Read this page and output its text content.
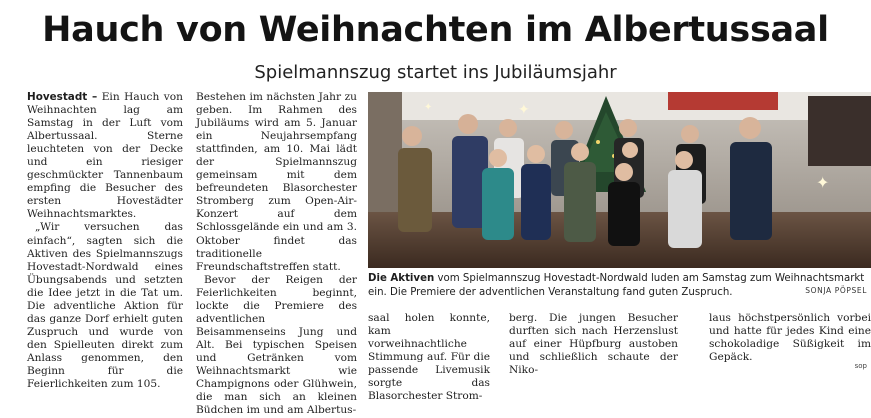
Hauch von Weihnachten im Albertussaal
Spielmannszug startet ins Jubiläumsjahr

Hovestadt – Ein Hauch von Weihnachten lag am Samstag in der Luft vom Albertussaal. Sterne leuchteten von der Decke und ein riesiger geschmückter Tannenbaum empfing die Besucher des ersten Hovestädter Weihnachtsmarktes.

„Wir versuchen das einfach“, sagten sich die Aktiven des Spielmannszugs Hovestadt-Nordwald eines Übungsabends und setzten die Idee jetzt in die Tat um. Die adventliche Aktion für das ganze Dorf erhielt guten Zuspruch und wurde von den Spielleuten direkt zum Anlass genommen, den Beginn für die Feierlichkeiten zum 105.

Bestehen im nächsten Jahr zu geben. Im Rahmen des Jubiläums wird am 5. Januar ein Neujahrsempfang stattfinden, am 10. Mai lädt der Spielmannszug gemeinsam mit dem befreundeten Blasorchester Stromberg zum Open-Air-Konzert auf dem Schlossgelände ein und am 3. Oktober findet das traditionelle Freundschaftstreffen statt.

Bevor der Reigen der Feierlichkeiten beginnt, lockte die Premiere des adventlichen Beisammenseins Jung und Alt. Bei typischen Speisen und Getränken vom Weihnachtsmarkt wie Champignons oder Glühwein, die man sich an kleinen Büdchen im und am Albertus-

✦
✦
✦
Die Aktiven vom Spielmannszug Hovestadt-Nordwald luden am Samstag zum Weihnachtsmarkt ein. Die Premiere der adventlichen Veranstaltung fand guten Zuspruch.	SONJA PÖPSEL

saal holen konnte, kam vorweihnachtliche Stimmung auf. Für die passende Livemusik sorgte das Blasorchester Strom-

berg. Die jungen Besucher durften sich nach Herzenslust auf einer Hüpfburg austoben und schließlich schaute der Niko-

laus höchstpersönlich vorbei und hatte für jedes Kind eine schokoladige Süßigkeit im Gepäck.

sop
